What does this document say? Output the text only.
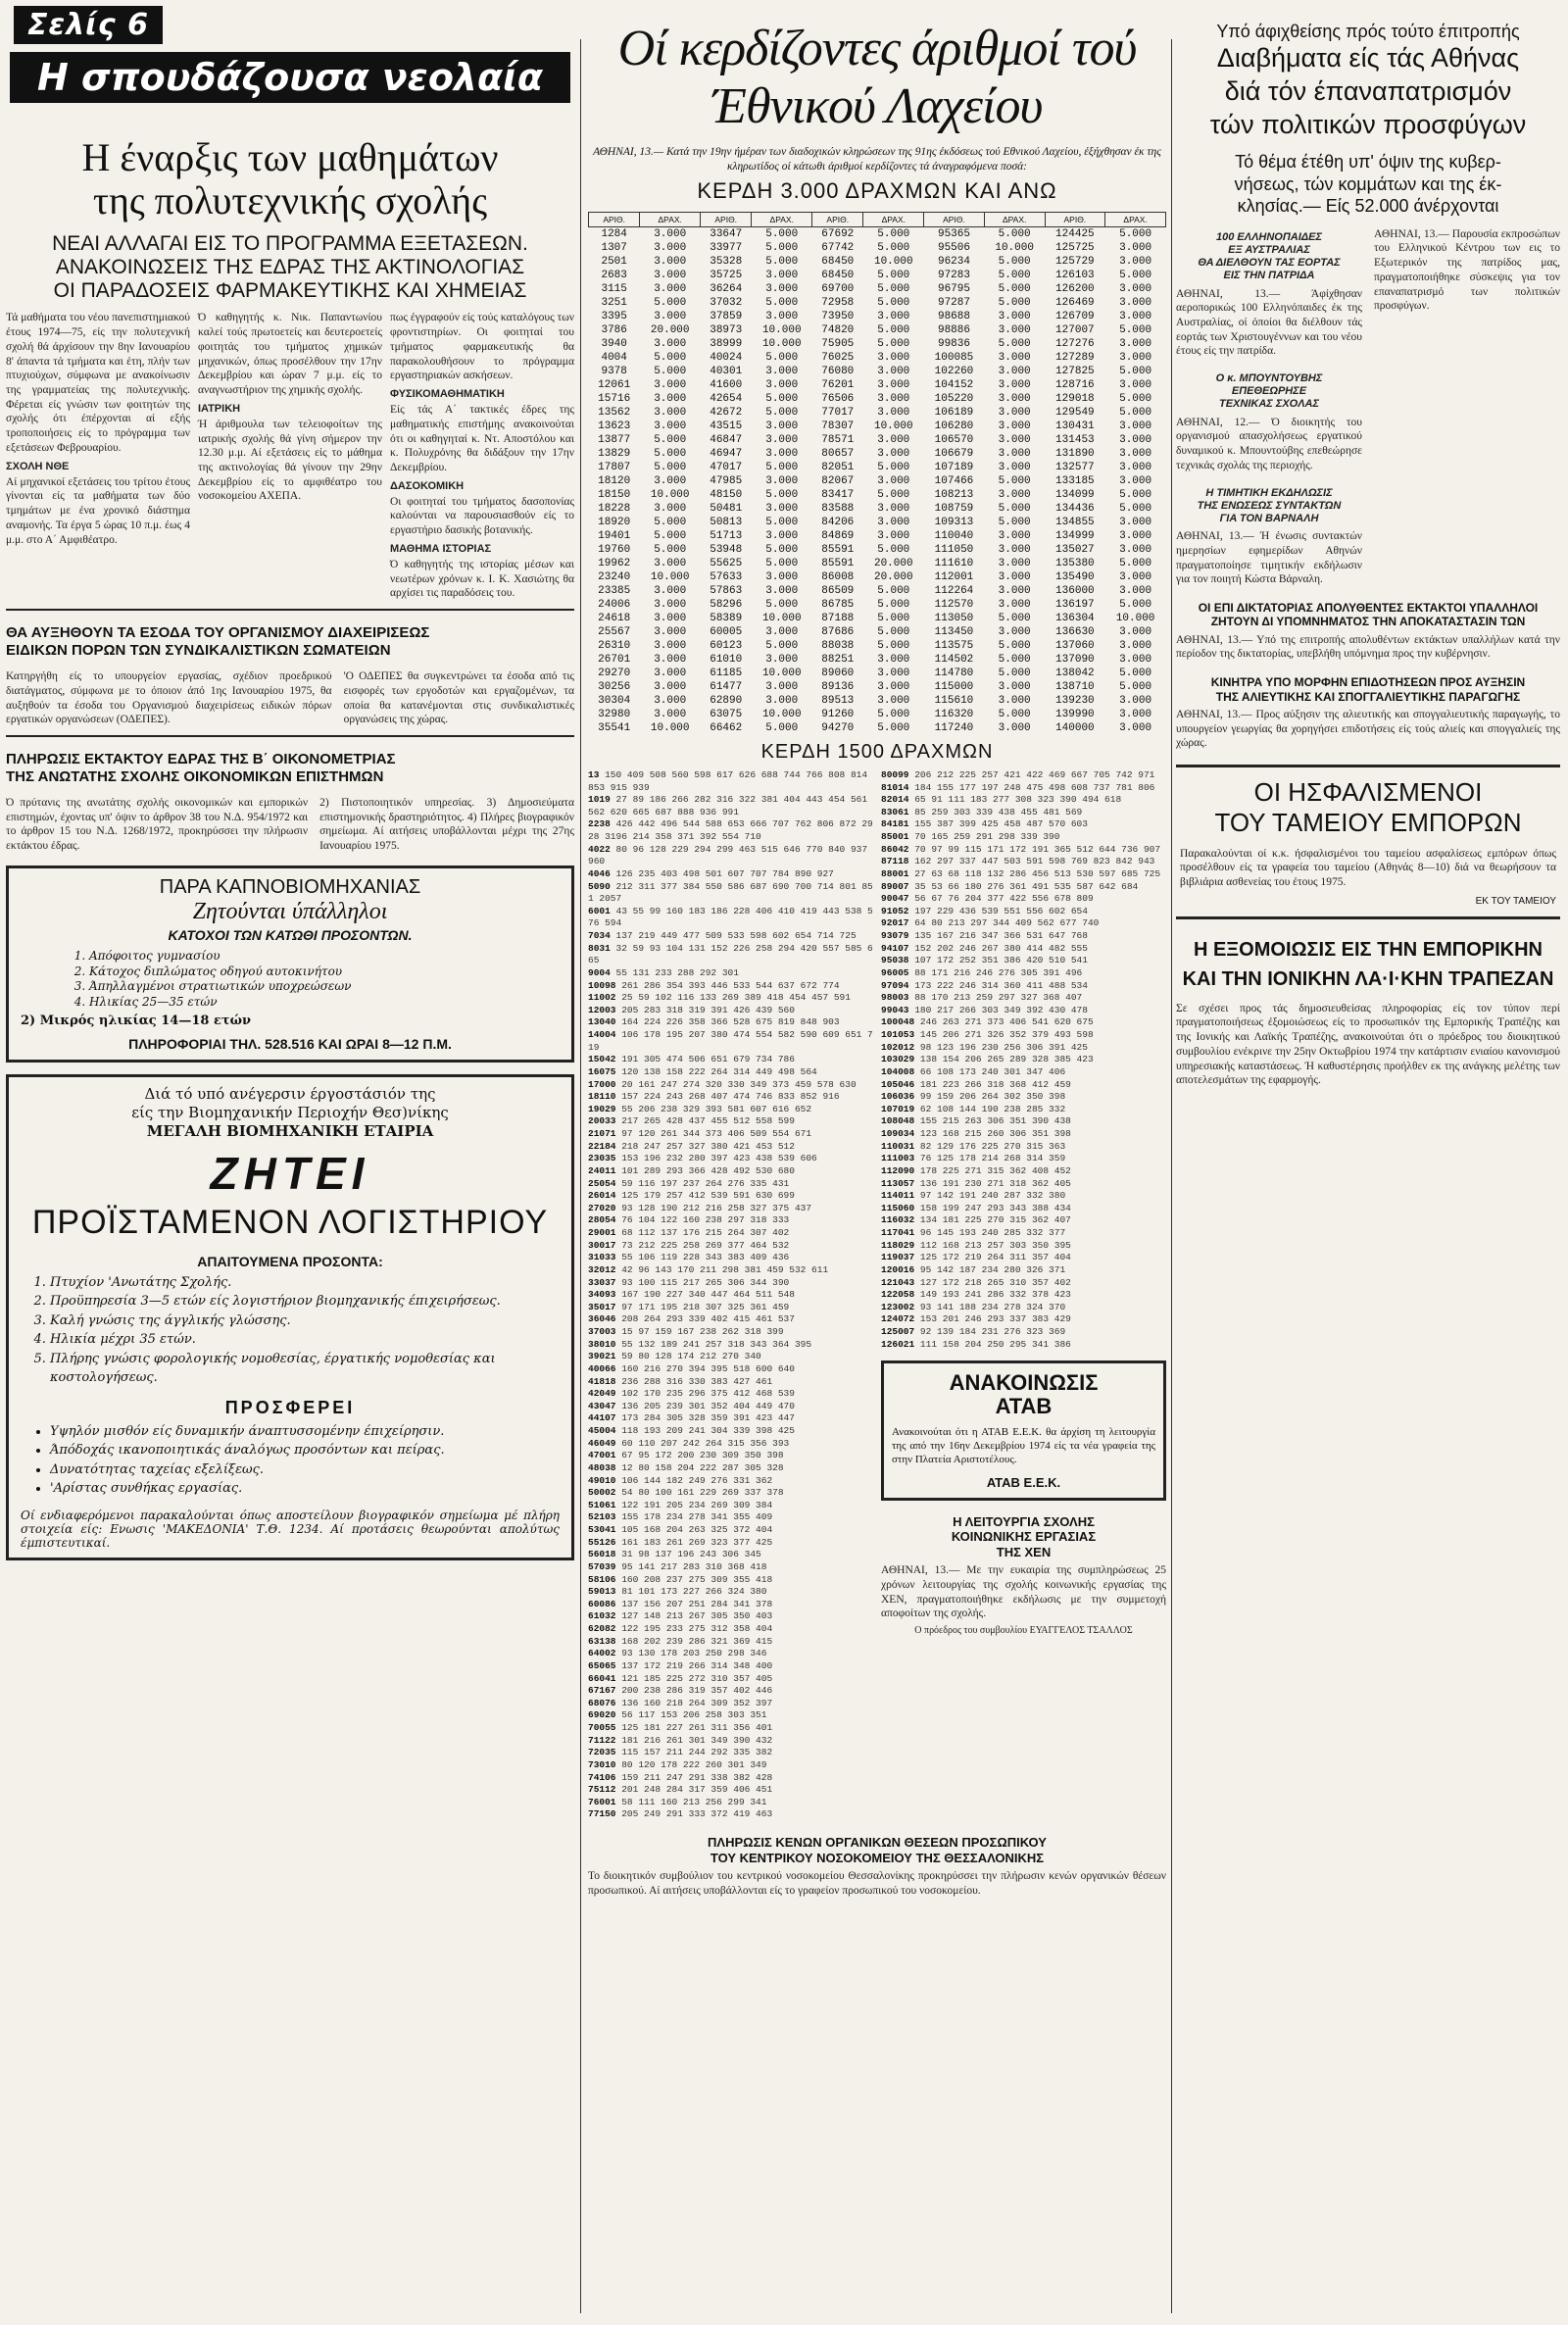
Σελίς 6
Η σπουδάζουσα νεολαία
Η έναρξις των μαθημάτων
της πολυτεχνικής σχολής
ΝΕΑΙ ΑΛΛΑΓΑΙ ΕΙΣ ΤΟ ΠΡΟΓΡΑΜΜΑ ΕΞΕΤΑΣΕΩΝ.
ΑΝΑΚΟΙΝΩΣΕΙΣ ΤΗΣ ΕΔΡΑΣ ΤΗΣ ΑΚΤΙΝΟΛΟΓΙΑΣ
ΟΙ ΠΑΡΑΔΟΣΕΙΣ ΦΑΡΜΑΚΕΥΤΙΚΗΣ ΚΑΙ ΧΗΜΕΙΑΣ

Τά μαθήματα του νέου πανεπιστημιακού έτους 1974—75, είς την πολυτεχνική σχολή θά άρχίσουν την 8ην Ιανουαρίου 8' άπαντα τά τμήματα και έτη, πλήν των πτυχιούχων, σύμφωνα με ανακοίνωσιν της γραμματείας της πολυτεχνικής. Φέρεται είς γνώσιν των φοιτητών της σχολής ότι έπέρχονται αί εξής τροποποιήσεις είς το πρόγραμμα των εξετάσεων Φεβρουαρίου.

ΣΧΟΛΗ ΝΘΕ

Αί μηχανικοί εξετάσεις του τρίτου έτους γίνονται είς τα μαθήματα των δύο τμημάτων με ένα χρονικό διάστημα αναμονής. Τα έργα 5 ώρας 10 π.μ. έως 4 μ.μ. στο Α΄ Αμφιθέατρο.

Ό καθηγητής κ. Νικ. Παπαντωνίου καλεί τούς πρωτοετείς και δευτεροετείς φοιτητάς του τμήματος χημικών μηχανικών, όπως προσέλθουν την 17ην Δεκεμβρίου και ώραν 7 μ.μ. είς το αναγνωστήριον της χημικής σχολής.

ΙΑΤΡΙΚΗ

Ή άριθμουλα των τελειοφοίτων της ιατρικής σχολής θά γίνη σήμερον την 12.30 μ.μ. Αί εξετάσεις είς το μάθημα της ακτινολογίας θά γίνουν την 29ην Δεκεμβρίου είς το αμφιθέατρο του νοσοκομείου ΑΧΕΠΑ.

πως έγγραφούν είς τούς καταλόγους των φροντιστηρίων. Οι φοιτηταί του τμήματος φαρμακευτικής θα παρακολουθήσουν το πρόγραμμα εργαστηριακών ασκήσεων.

ΦΥΣΙΚΟΜΑΘΗΜΑΤΙΚΗ

Είς τάς Α΄ τακτικές έδρες της μαθηματικής επιστήμης ανακοινούται ότι οι καθηγηταί κ. Ντ. Αποστόλου και κ. Πολυχρόνης θα διδάξουν την 17ην Δεκεμβρίου.

ΔΑΣΟΚΟΜΙΚΗ

Οι φοιτηταί του τμήματος δασοπονίας καλούνται να παρουσιασθούν είς το εργαστήριο δασικής βοτανικής.

ΜΑΘΗΜΑ ΙΣΤΟΡΙΑΣ

Ό καθηγητής της ιστορίας μέσων και νεωτέρων χρόνων κ. Ι. Κ. Χασιώτης θα αρχίσει τις παραδόσεις του.

ΘΑ ΑΥΞΗΘΟΥΝ ΤΑ ΕΣΟΔΑ ΤΟΥ ΟΡΓΑΝΙΣΜΟΥ ΔΙΑΧΕΙΡΙΣΕΩΣ
ΕΙΔΙΚΩΝ ΠΟΡΩΝ ΤΩΝ ΣΥΝΔΙΚΑΛΙΣΤΙΚΩΝ ΣΩΜΑΤΕΙΩΝ

Κατηργήθη είς το υπουργείον εργασίας, σχέδιον προεδρικού διατάγματος, σύμφωνα με το όποιον άπό 1ης Ιανουαρίου 1975, θα αυξηθούν τα έσοδα του Οργανισμού διαχειρίσεως ειδικών πόρων εργατικών οργανώσεων (ΟΔΕΠΕΣ).

'Ο ΟΔΕΠΕΣ θα συγκεντρώνει τα έσοδα από τις εισφορές των εργοδοτών και εργαζομένων, τα οποία θα κατανέμονται στις συνδικαλιστικές οργανώσεις της χώρας.

ΠΛΗΡΩΣΙΣ ΕΚΤΑΚΤΟΥ ΕΔΡΑΣ ΤΗΣ Β΄ ΟΙΚΟΝΟΜΕΤΡΙΑΣ
ΤΗΣ ΑΝΩΤΑΤΗΣ ΣΧΟΛΗΣ ΟΙΚΟΝΟΜΙΚΩΝ ΕΠΙΣΤΗΜΩΝ

Ό πρύτανις της ανωτάτης σχολής οικονομικών και εμπορικών επιστημών, έχοντας υπ' όψιν το άρθρον 38 του Ν.Δ. 954/1972 και το άρθρον 15 του Ν.Δ. 1268/1972, προκηρύσσει την πλήρωσιν εκτάκτου έδρας.

2) Πιστοποιητικόν υπηρεσίας. 3) Δημοσιεύματα επιστημονικής δραστηριότητος. 4) Πλήρες βιογραφικόν σημείωμα. Αί αιτήσεις υποβάλλονται μέχρι της 27ης Ιανουαρίου 1975.

ΠΑΡΑ ΚΑΠΝΟΒΙΟΜΗΧΑΝΙΑΣ
Ζητούνται ύπάλληλοι
ΚΑΤΟΧΟΙ ΤΩΝ ΚΑΤΩΘΙ ΠΡΟΣΟΝΤΩΝ.
1. Απόφοιτος γυμνασίου
2. Κάτοχος διπλώματος οδηγού αυτοκινήτου
3. Άπηλλαγμένοι στρατιωτικών υποχρεώσεων
4. Ηλικίας 25—35 ετών
2) Μικρός ηλικίας 14—18 ετών
ΠΛΗΡΟΦΟΡΙΑΙ ΤΗΛ. 528.516 ΚΑΙ ΩΡΑΙ 8—12 Π.Μ.
Διά τό υπό ανέγερσιν έργοστάσιόν της
είς την Βιομηχανικήν Περιοχήν Θεσ)νίκης
ΜΕΓΑΛΗ ΒΙΟΜΗΧΑΝΙΚΗ ΕΤΑΙΡΙΑ
ΖΗΤΕΙ
ΠΡΟΪΣΤΑΜΕΝΟΝ ΛΟΓΙΣΤΗΡΙΟΥ
ΑΠΑΙΤΟΥΜΕΝΑ ΠΡΟΣΟΝΤΑ:
1. Πτυχίον 'Ανωτάτης Σχολής.
2. Προϋπηρεσία 3—5 ετών είς λογιστήριον βιομηχανικής έπιχειρήσεως.
3. Καλή γνώσις της άγγλικής γλώσσης.
4. Ηλικία μέχρι 35 ετών.
5. Πλήρης γνώσις φορολογικής νομοθεσίας, έργατικής νομοθεσίας και κοστολογήσεως.
ΠΡΟΣΦΕΡΕΙ
• Υψηλόν μισθόν είς δυναμικήν άναπτυσσομένην έπιχείρησιν.
• Άπόδοχάς ικανοποιητικάς άναλόγως προσόντων και πείρας.
• Δυνατότητας ταχείας εξελίξεως.
• 'Αρίστας συνθήκας εργασίας.
Οί ενδιαφερόμενοι παρακαλούνται όπως αποστείλουν βιογραφικόν σημείωμα μέ πλήρη στοιχεία είς: Ενωσις 'ΜΑΚΕΔΟΝΙΑ' Τ.Θ. 1234. Αί προτάσεις θεωρούνται απολύτως έμπιστευτικαί.
Οί κερδίζοντες άριθμοί τού Έθνικού Λαχείου
ΑΘΗΝΑΙ, 13.— Κατά την 19ην ήμέραν των διαδοχικών κληρώσεων της 91ης έκδόσεως τού Εθνικού Λαχείου, έξήχθησαν έκ της κληρωτίδος οί κάτωθι άριθμοί κερδίζοντες τά άναγραφόμενα ποσά:
ΚΕΡΔΗ 3.000 ΔΡΑΧΜΩΝ ΚΑΙ ΑΝΩ
ΑΡΙΘ.	ΔΡΑΧ.	ΑΡΙΘ.	ΔΡΑΧ.	ΑΡΙΘ.	ΔΡΑΧ.	ΑΡΙΘ.	ΔΡΑΧ.	ΑΡΙΘ.	ΔΡΑΧ.
1284	3.000	33647	5.000	67692	5.000	95365	5.000	124425	5.000
1307	3.000	33977	5.000	67742	5.000	95506	10.000	125725	3.000
2501	3.000	35328	5.000	68450	10.000	96234	5.000	125729	3.000
2683	3.000	35725	3.000	68450	5.000	97283	5.000	126103	5.000
3115	3.000	36264	3.000	69700	5.000	96795	5.000	126200	3.000
3251	5.000	37032	5.000	72958	5.000	97287	5.000	126469	3.000
3395	3.000	37859	3.000	73950	3.000	98688	3.000	126709	3.000
3786	20.000	38973	10.000	74820	5.000	98886	3.000	127007	5.000
3940	3.000	38999	10.000	75905	5.000	99836	5.000	127276	3.000
4004	5.000	40024	5.000	76025	3.000	100085	3.000	127289	3.000
9378	5.000	40301	3.000	76080	3.000	102260	3.000	127825	5.000
12061	3.000	41600	3.000	76201	3.000	104152	3.000	128716	3.000
15716	3.000	42654	5.000	76506	3.000	105220	3.000	129018	5.000
13562	3.000	42672	5.000	77017	3.000	106189	3.000	129549	5.000
13623	3.000	43515	3.000	78307	10.000	106280	3.000	130431	3.000
13877	5.000	46847	3.000	78571	3.000	106570	3.000	131453	3.000
13829	5.000	46947	3.000	80657	3.000	106679	3.000	131890	3.000
17807	5.000	47017	5.000	82051	5.000	107189	3.000	132577	3.000
18120	3.000	47985	3.000	82067	3.000	107466	5.000	133185	3.000
18150	10.000	48150	5.000	83417	5.000	108213	3.000	134099	5.000
18228	3.000	50481	3.000	83588	3.000	108759	5.000	134436	5.000
18920	5.000	50813	5.000	84206	3.000	109313	5.000	134855	3.000
19401	5.000	51713	3.000	84869	3.000	110040	3.000	134999	3.000
19760	5.000	53948	5.000	85591	5.000	111050	3.000	135027	3.000
19962	3.000	55625	5.000	85591	20.000	111610	3.000	135380	5.000
23240	10.000	57633	3.000	86008	20.000	112001	3.000	135490	3.000
23385	3.000	57863	3.000	86509	5.000	112264	3.000	136000	3.000
24006	3.000	58296	5.000	86785	5.000	112570	3.000	136197	5.000
24618	3.000	58389	10.000	87188	5.000	113050	5.000	136304	10.000
25567	3.000	60005	3.000	87686	5.000	113450	3.000	136630	3.000
26310	3.000	60123	5.000	88038	5.000	113575	5.000	137060	3.000
26701	3.000	61010	3.000	88251	3.000	114502	5.000	137090	3.000
29270	3.000	61185	10.000	89060	3.000	114780	5.000	138042	5.000
30256	3.000	61477	3.000	89136	3.000	115000	3.000	138710	5.000
30304	3.000	62890	3.000	89513	3.000	115610	3.000	139230	3.000
32980	3.000	63075	10.000	91260	5.000	116320	5.000	139990	3.000
35541	10.000	66462	5.000	94270	5.000	117240	3.000	140000	3.000
ΚΕΡΔΗ 1500 ΔΡΑΧΜΩΝ
13 150 409 508 560 598 617 626 688 744 766 808 814 853 915 939
1019 27 89 186 266 282 316 322 381 404 443 454 561 562 620 665 687 888 936 991
2238 426 442 496 544 588 653 666 707 762 806 872 2928 3196 214 358 371 392 554 710
4022 80 96 128 229 294 299 463 515 646 770 840 937 960
4046 126 235 403 498 501 607 707 784 890 927
5090 212 311 377 384 550 586 687 690 700 714 801 851 2057
6001 43 55 99 160 183 186 228 406 410 419 443 538 576 594
7034 137 219 449 477 509 533 598 602 654 714 725
8031 32 59 93 104 131 152 226 258 294 420 557 585 665
9004 55 131 233 288 292 301
10098 261 286 354 393 446 533 544 637 672 774
11002 25 59 102 116 133 269 389 418 454 457 591
12003 205 283 318 319 391 426 439 560
13040 164 224 226 358 366 528 675 819 848 903
14004 106 178 195 207 380 474 554 582 590 609 651 719
15042 191 305 474 506 651 679 734 786
16075 120 138 158 222 264 314 449 498 564
17000 20 161 247 274 320 330 349 373 459 578 630
18110 157 224 243 268 407 474 746 833 852 916
19029 55 206 238 329 393 581 607 616 652
20033 217 265 428 437 455 512 558 599
21071 97 120 261 344 373 406 509 554 671
22184 218 247 257 327 380 421 453 512
23035 153 196 232 280 397 423 438 539 606
24011 101 289 293 366 428 492 530 680
25054 59 116 197 237 264 276 335 431
26014 125 179 257 412 539 591 630 699
27020 93 128 190 212 216 258 327 375 437
28054 76 104 122 160 238 297 318 333
29001 68 112 137 176 215 264 307 402
30017 73 212 225 258 269 377 464 532
31033 55 106 119 228 343 383 409 436
32012 42 96 143 170 211 298 381 459 532 611
33037 93 100 115 217 265 306 344 390
34093 167 190 227 340 447 464 511 548
35017 97 171 195 218 307 325 361 459
36046 208 264 293 339 402 415 461 537
37003 15 97 159 167 238 262 318 399
38010 55 132 189 241 257 318 343 364 395
39021 59 80 128 174 212 270 340
40066 160 216 270 394 395 518 600 640
41818 236 288 316 330 383 427 461
42049 102 170 235 296 375 412 468 539
43047 136 205 239 301 352 404 449 470
44107 173 284 305 328 359 391 423 447
45004 118 193 209 241 304 339 398 425
46049 60 110 207 242 264 315 356 393
47001 67 95 172 200 230 309 350 398
48038 12 80 158 204 222 287 305 328
49010 106 144 182 249 276 331 362
50002 54 80 100 161 229 269 337 378
51061 122 191 205 234 269 309 384
52103 155 178 234 278 341 355 409
53041 105 168 204 263 325 372 404
55126 161 183 261 269 323 377 425
56018 31 98 137 196 243 306 345
57039 95 141 217 283 310 368 418
58106 160 208 237 275 309 355 418
59013 81 101 173 227 266 324 380
60086 137 156 207 251 284 341 378
61032 127 148 213 267 305 350 403
62082 122 195 233 275 312 358 404
63138 168 202 239 286 321 369 415
64002 93 130 178 203 250 298 346
65065 137 172 219 266 314 348 400
66041 121 185 225 272 310 357 405
67167 200 238 286 319 357 402 446
68076 136 160 218 264 309 352 397
69020 56 117 153 206 258 303 351
70055 125 181 227 261 311 356 401
71122 181 216 261 301 349 390 432
72035 115 157 211 244 292 335 382
73010 80 120 178 222 260 301 349
74106 159 211 247 291 338 382 428
75112 201 248 284 317 359 406 451
76001 58 111 160 213 256 299 341
77150 205 249 291 333 372 419 463
80099 206 212 225 257 421 422 469 667 705 742 971
81014 184 155 177 197 248 475 498 608 737 781 806
82014 65 91 111 183 277 308 323 390 494 618
83061 85 259 303 339 438 455 481 569
84181 155 387 399 425 458 487 570 603
85001 70 165 259 291 298 339 390
86042 70 97 99 115 171 172 191 365 512 644 736 907
87118 162 297 337 447 503 591 598 769 823 842 943
88001 27 63 68 118 132 286 456 513 530 597 685 725
89007 35 53 66 180 276 361 491 535 587 642 684
90047 56 67 76 204 377 422 556 678 809
91052 197 229 436 539 551 556 602 654
92017 64 80 213 297 344 409 562 677 740
93079 135 167 216 347 366 531 647 768
94107 152 202 246 267 380 414 482 555
95038 107 172 252 351 386 420 510 541
96005 88 171 216 246 276 305 391 496
97094 173 222 246 314 360 411 488 534
98003 88 170 213 259 297 327 368 407
99043 180 217 266 303 349 392 430 478
100048 246 263 271 373 406 541 620 675
101053 145 206 271 326 352 379 493 598
102012 98 123 196 230 256 306 391 425
103029 138 154 206 265 289 328 385 423
104008 66 108 173 240 301 347 406
105046 181 223 266 318 368 412 459
106036 99 159 206 264 302 350 398
107019 62 108 144 190 238 285 332
108048 155 215 263 306 351 390 438
109034 123 168 215 260 306 351 398
110031 82 129 176 225 270 315 363
111003 76 125 178 214 268 314 359
112090 178 225 271 315 362 408 452
113057 136 191 230 271 318 362 405
114011 97 142 191 240 287 332 380
115060 158 199 247 293 343 388 434
116032 134 181 225 270 315 362 407
117041 96 145 193 240 285 332 377
118029 112 168 213 257 303 350 395
119037 125 172 219 264 311 357 404
120016 95 142 187 234 280 326 371
121043 127 172 218 265 310 357 402
122058 149 193 241 286 332 378 423
123002 93 141 188 234 278 324 370
124072 153 201 246 293 337 383 429
125007 92 139 184 231 276 323 369
126021 111 158 204 250 295 341 386
ΑΝΑΚΟΙΝΩΣΙΣ
ΑΤΑΒ
Ανακοινούται ότι η ΑΤΑΒ Ε.Ε.Κ. θα άρχίση τη λειτουργία της από την 16ην Δεκεμβρίου 1974 είς τα νέα γραφεία της στην Πλατεία Αριστοτέλους.
ΑΤΑΒ Ε.Ε.Κ.
Η ΛΕΙΤΟΥΡΓΙΑ ΣΧΟΛΗΣ
ΚΟΙΝΩΝΙΚΗΣ ΕΡΓΑΣΙΑΣ
ΤΗΣ ΧΕΝ

ΑΘΗΝΑΙ, 13.— Με την ευκαιρία της συμπληρώσεως 25 χρόνων λειτουργίας της σχολής κοινωνικής εργασίας της ΧΕΝ, πραγματοποιήθηκε εκδήλωσις με την συμμετοχή αποφοίτων της σχολής.

Ο πρόεδρος του συμβουλίου ΕΥΑΓΓΕΛΟΣ ΤΣΑΛΛΟΣ

ΠΛΗΡΩΣΙΣ ΚΕΝΩΝ ΟΡΓΑΝΙΚΩΝ ΘΕΣΕΩΝ ΠΡΟΣΩΠΙΚΟΥ
ΤΟΥ ΚΕΝΤΡΙΚΟΥ ΝΟΣΟΚΟΜΕΙΟΥ ΤΗΣ ΘΕΣΣΑΛΟΝΙΚΗΣ

Το διοικητικόν συμβούλιον του κεντρικού νοσοκομείου Θεσσαλονίκης προκηρύσσει την πλήρωσιν κενών οργανικών θέσεων προσωπικού. Αί αιτήσεις υποβάλλονται είς το γραφείον προσωπικού του νοσοκομείου.

Υπό άφιχθείσης πρός τούτο έπιτροπής
Διαβήματα είς τάς Αθήνας
διά τόν έπαναπατρισμόν
τών πολιτικών προσφύγων
Τό θέμα έτέθη υπ' όψιν της κυβερ-
νήσεως, τών κομμάτων και της έκ-
κλησίας.— Είς 52.000 άνέρχονται
100 ΕΛΛΗΝΟΠΑΙΔΕΣ
ΕΞ ΑΥΣΤΡΑΛΙΑΣ
ΘΑ ΔΙΕΛΘΟΥΝ ΤΑΣ ΕΟΡΤΑΣ
ΕΙΣ ΤΗΝ ΠΑΤΡΙΔΑ

ΑΘΗΝΑΙ, 13.— Άφίχθησαν αεροπορικώς 100 Ελληνόπαιδες έκ της Αυστραλίας, οί όποίοι θα διέλθουν τάς εορτάς των Χριστουγέννων και του νέου έτους είς την πατρίδα.

Ο κ. ΜΠΟΥΝΤΟΥΒΗΣ
ΕΠΕΘΕΩΡΗΣΕ
ΤΕΧΝΙΚΑΣ ΣΧΟΛΑΣ

ΑΘΗΝΑΙ, 12.— Ό διοικητής του οργανισμού απασχολήσεως εργατικού δυναμικού κ. Μπουντούβης επεθεώρησε τεχνικάς σχολάς της περιοχής.

Η ΤΙΜΗΤΙΚΗ ΕΚΔΗΛΩΣΙΣ
ΤΗΣ ΕΝΩΣΕΩΣ ΣΥΝΤΑΚΤΩΝ
ΓΙΑ ΤΟΝ ΒΑΡΝΑΛΗ

ΑΘΗΝΑΙ, 13.— Ή ένωσις συντακτών ημερησίων εφημερίδων Αθηνών πραγματοποίησε τιμητικήν εκδήλωσιν για τον ποιητή Κώστα Βάρναλη.

ΑΘΗΝΑΙ, 13.— Παρουσία εκπροσώπων του Ελληνικού Κέντρου των εις το Εξωτερικόν της πατρίδος μας, πραγματοποιήθηκε σύσκεψις για τον επαναπατρισμό των πολιτικών προσφύγων.

ΟΙ ΕΠΙ ΔΙΚΤΑΤΟΡΙΑΣ ΑΠΟΛΥΘΕΝΤΕΣ ΕΚΤΑΚΤΟΙ ΥΠΑΛΛΗΛΟΙ
ΖΗΤΟΥΝ ΔΙ ΥΠΟΜΝΗΜΑΤΟΣ ΤΗΝ ΑΠΟΚΑΤΑΣΤΑΣΙΝ ΤΩΝ

ΑΘΗΝΑΙ, 13.— Υπό της επιτροπής απολυθέντων εκτάκτων υπαλλήλων κατά την περίοδον της δικτατορίας, υπεβλήθη υπόμνημα προς την κυβέρνησιν.

ΚΙΝΗΤΡΑ ΥΠΟ ΜΟΡΦΗΝ ΕΠΙΔΟΤΗΣΕΩΝ ΠΡΟΣ ΑΥΞΗΣΙΝ
ΤΗΣ ΑΛΙΕΥΤΙΚΗΣ ΚΑΙ ΣΠΟΓΓΑΛΙΕΥΤΙΚΗΣ ΠΑΡΑΓΩΓΗΣ

ΑΘΗΝΑΙ, 13.— Προς αύξησιν της αλιευτικής και σπογγαλιευτικής παραγωγής, το υπουργείον γεωργίας θα χορηγήσει επιδοτήσεις είς τούς αλιείς και σπογγαλιείς της χώρας.

ΟΙ ΗΣΦΑΛΙΣΜΕΝΟΙ
ΤΟΥ ΤΑΜΕΙΟΥ ΕΜΠΟΡΩΝ

Παρακαλούνται οί κ.κ. ήσφαλισμένοι του ταμείου ασφαλίσεως εμπόρων όπως προσέλθουν είς τα γραφεία του ταμείου (Αθηνάς 8—10) διά να θεωρήσουν τα βιβλιάρια ασθενείας του έτους 1975.

ΕΚ ΤΟΥ ΤΑΜΕΙΟΥ
Η ΕΞΟΜΟΙΩΣΙΣ ΕΙΣ ΤΗΝ ΕΜΠΟΡΙΚΗΝ
ΚΑΙ ΤΗΝ ΙΟΝΙΚΗΝ ΛΑ·Ι·ΚΗΝ ΤΡΑΠΕΖΑΝ

Σε σχέσει προς τάς δημοσιευθείσας πληροφορίας είς τον τύπον περί πραγματοποιήσεως έξομοιώσεως είς το προσωπικόν της Εμπορικής Τραπέζης και της Ιονικής και Λαϊκής Τραπέζης, ανακοινούται ότι ο πρόεδρος του διοικητικού συμβουλίου ενέκρινε την 25ην Οκτωβρίου 1974 την κατάρτισιν ενιαίου κανονισμού υπηρεσιακής καταστάσεως. Ή καθυστέρησις προήλθεν εκ της ανάγκης μελέτης των αποτελεσμάτων της εφαρμογής.
